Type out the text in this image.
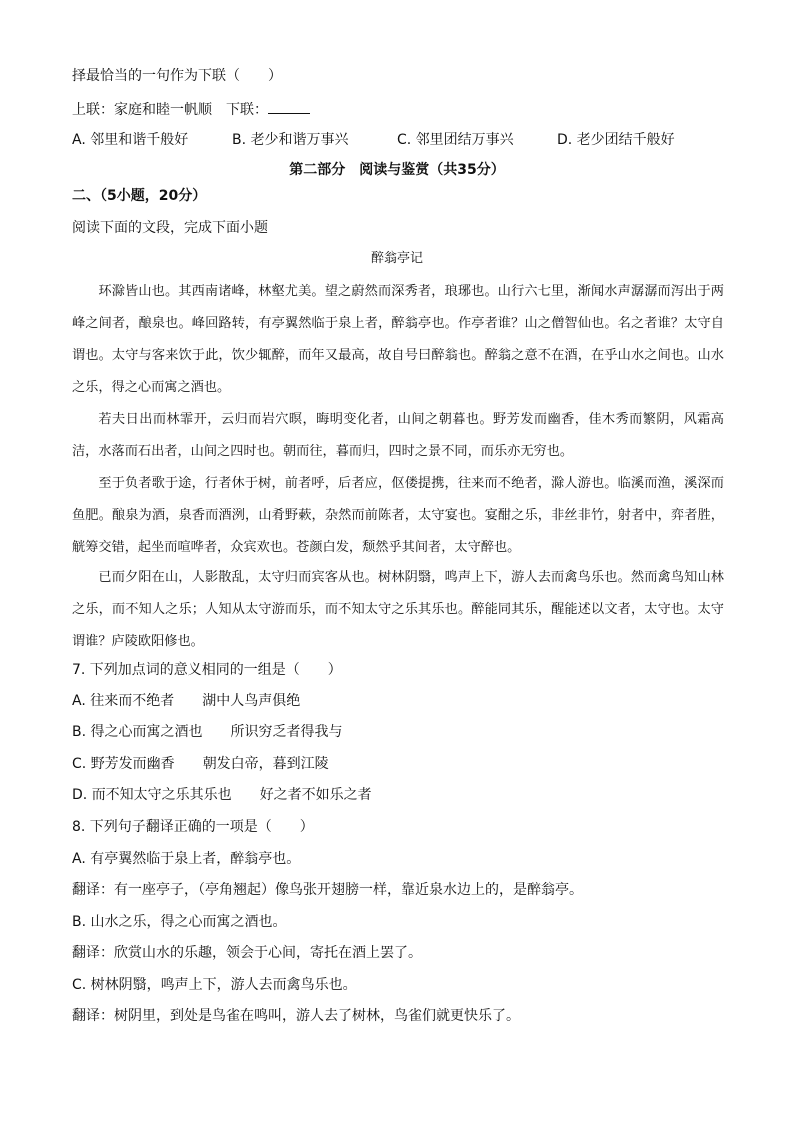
择最恰当的一句作为下联（　　）
上联：家庭和睦一帆顺　下联：
A. 邻里和谐千般好	B. 老少和谐万事兴	C. 邻里团结万事兴	D. 老少团结千般好
第二部分　阅读与鉴赏（共35分）
二、（5小题，20分）
阅读下面的文段，完成下面小题
醉翁亭记

环滁皆山也。其西南诸峰，林壑尤美。望之蔚然而深秀者，琅琊也。山行六七里，渐闻水声潺潺而泻出于两峰之间者，酿泉也。峰回路转，有亭翼然临于泉上者，醉翁亭也。作亭者谁？山之僧智仙也。名之者谁？太守自谓也。太守与客来饮于此，饮少辄醉，而年又最高，故自号曰醉翁也。醉翁之意不在酒，在乎山水之间也。山水之乐，得之心而寓之酒也。

若夫日出而林霏开，云归而岩穴暝，晦明变化者，山间之朝暮也。野芳发而幽香，佳木秀而繁阴，风霜高洁，水落而石出者，山间之四时也。朝而往，暮而归，四时之景不同，而乐亦无穷也。

至于负者歌于途，行者休于树，前者呼，后者应，伛偻提携，往来而不绝者，滁人游也。临溪而渔，溪深而鱼肥。酿泉为酒，泉香而酒洌，山肴野蔌，杂然而前陈者，太守宴也。宴酣之乐，非丝非竹，射者中，弈者胜，觥筹交错，起坐而喧哗者，众宾欢也。苍颜白发，颓然乎其间者，太守醉也。

已而夕阳在山，人影散乱，太守归而宾客从也。树林阴翳，鸣声上下，游人去而禽鸟乐也。然而禽鸟知山林之乐，而不知人之乐；人知从太守游而乐，而不知太守之乐其乐也。醉能同其乐，醒能述以文者，太守也。太守谓谁？庐陵欧阳修也。

7. 下列加点词的意义相同的一组是（　　）
A. 往来而不绝者 湖中人鸟声俱绝
B. 得之心而寓之酒也 所识穷乏者得我与
C. 野芳发而幽香 朝发白帝，暮到江陵
D. 而不知太守之乐其乐也 好之者不如乐之者
8. 下列句子翻译正确的一项是（　　）
A. 有亭翼然临于泉上者，醉翁亭也。
翻译：有一座亭子，（亭角翘起）像鸟张开翅膀一样，靠近泉水边上的，是醉翁亭。
B. 山水之乐，得之心而寓之酒也。
翻译：欣赏山水的乐趣，领会于心间，寄托在酒上罢了。
C. 树林阴翳，鸣声上下，游人去而禽鸟乐也。
翻译：树阴里，到处是鸟雀在鸣叫，游人去了树林，鸟雀们就更快乐了。
